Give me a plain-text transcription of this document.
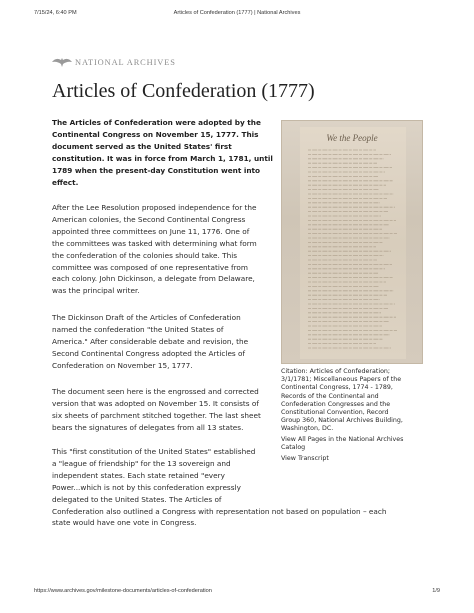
7/15/24, 6:40 PM	Articles of Confederation (1777) | National Archives
NATIONAL ARCHIVES
Articles of Confederation (1777)
The Articles of Confederation were adopted by the
Continental Congress on November 15, 1777. This
document served as the United States' first
constitution. It was in force from March 1, 1781, until
1789 when the present-day Constitution went into
effect.
After the Lee Resolution proposed independence for the
American colonies, the Second Continental Congress
appointed three committees on June 11, 1776. One of
the committees was tasked with determining what form
the confederation of the colonies should take. This
committee was composed of one representative from
each colony. John Dickinson, a delegate from Delaware,
was the principal writer.
The Dickinson Draft of the Articles of Confederation
named the confederation "the United States of
America." After considerable debate and revision, the
Second Continental Congress adopted the Articles of
Confederation on November 15, 1777.
The document seen here is the engrossed and corrected
version that was adopted on November 15. It consists of
six sheets of parchment stitched together. The last sheet
bears the signatures of delegates from all 13 states.
This "first constitution of the United States" established
a "league of friendship" for the 13 sovereign and
independent states. Each state retained "every
Power...which is not by this confederation expressly
delegated to the United States. The Articles of
Confederation also outlined a Congress with representation not based on population – each
state would have one vote in Congress.
We the People
Citation: Articles of Confederation;
3/1/1781; Miscellaneous Papers of the
Continental Congress, 1774 - 1789,
Records of the Continental and
Confederation Congresses and the
Constitutional Convention, Record
Group 360, National Archives Building,
Washington, DC.
View All Pages in the National Archives
Catalog
View Transcript
https://www.archives.gov/milestone-documents/articles-of-confederation	1/9
